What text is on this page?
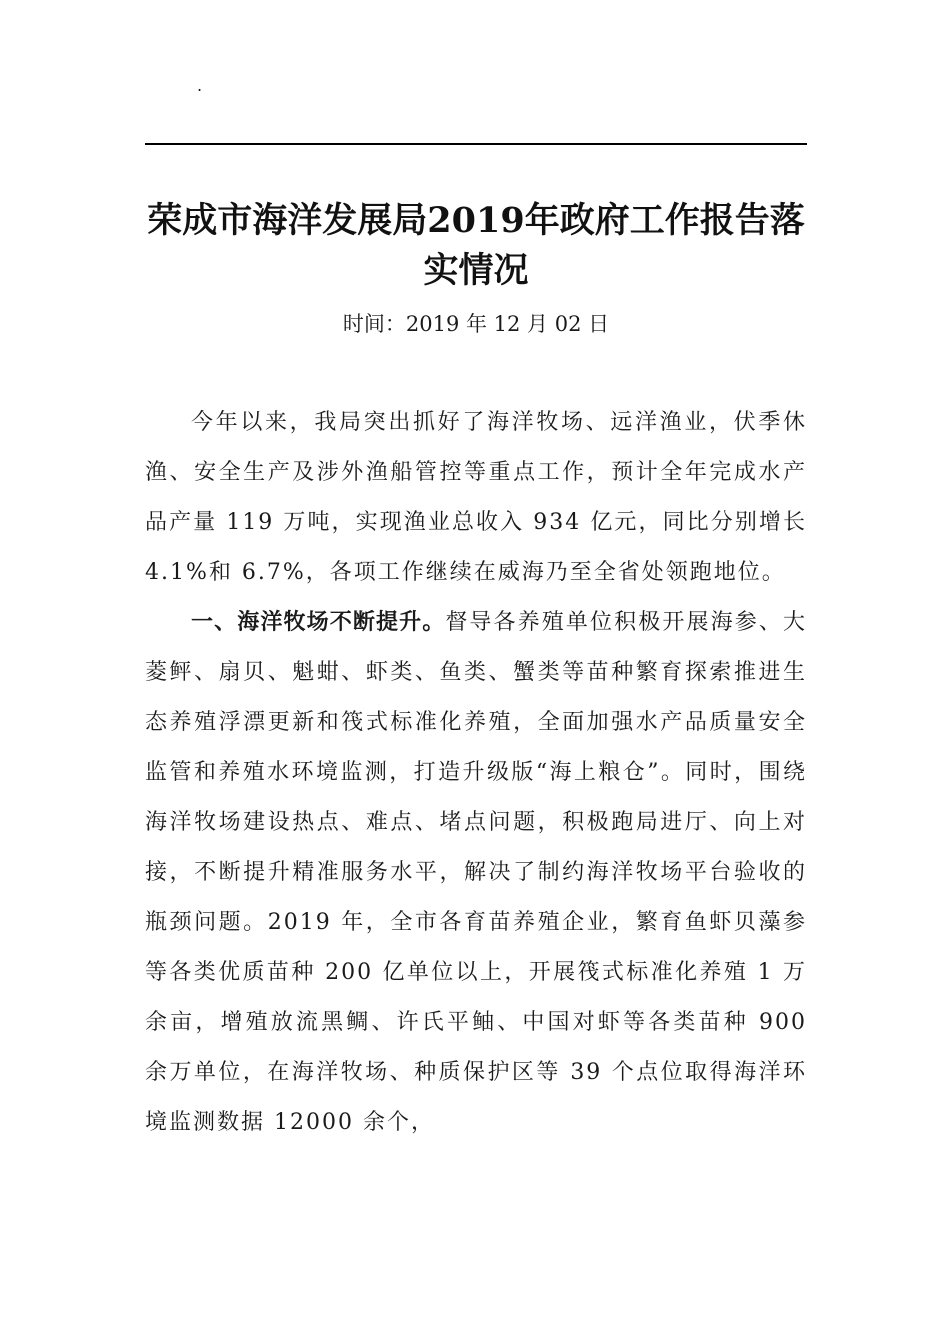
.
荣成市海洋发展局2019年政府工作报告落实情况
时间：2019 年 12 月 02 日

今年以来，我局突出抓好了海洋牧场、远洋渔业，伏季休渔、安全生产及涉外渔船管控等重点工作，预计全年完成水产品产量 119 万吨，实现渔业总收入 934 亿元，同比分别增长 4.1%和 6.7%，各项工作继续在威海乃至全省处领跑地位。

一、海洋牧场不断提升。督导各养殖单位积极开展海参、大菱鲆、扇贝、魁蚶、虾类、鱼类、蟹类等苗种繁育探索推进生态养殖浮漂更新和筏式标准化养殖，全面加强水产品质量安全监管和养殖水环境监测，打造升级版“海上粮仓”。同时，围绕海洋牧场建设热点、难点、堵点问题，积极跑局进厅、向上对接，不断提升精准服务水平，解决了制约海洋牧场平台验收的瓶颈问题。2019 年，全市各育苗养殖企业，繁育鱼虾贝藻参等各类优质苗种 200 亿单位以上，开展筏式标准化养殖 1 万余亩，增殖放流黑鲷、许氏平鲉、中国对虾等各类苗种 900 余万单位，在海洋牧场、种质保护区等 39 个点位取得海洋环境监测数据 12000 余个，
